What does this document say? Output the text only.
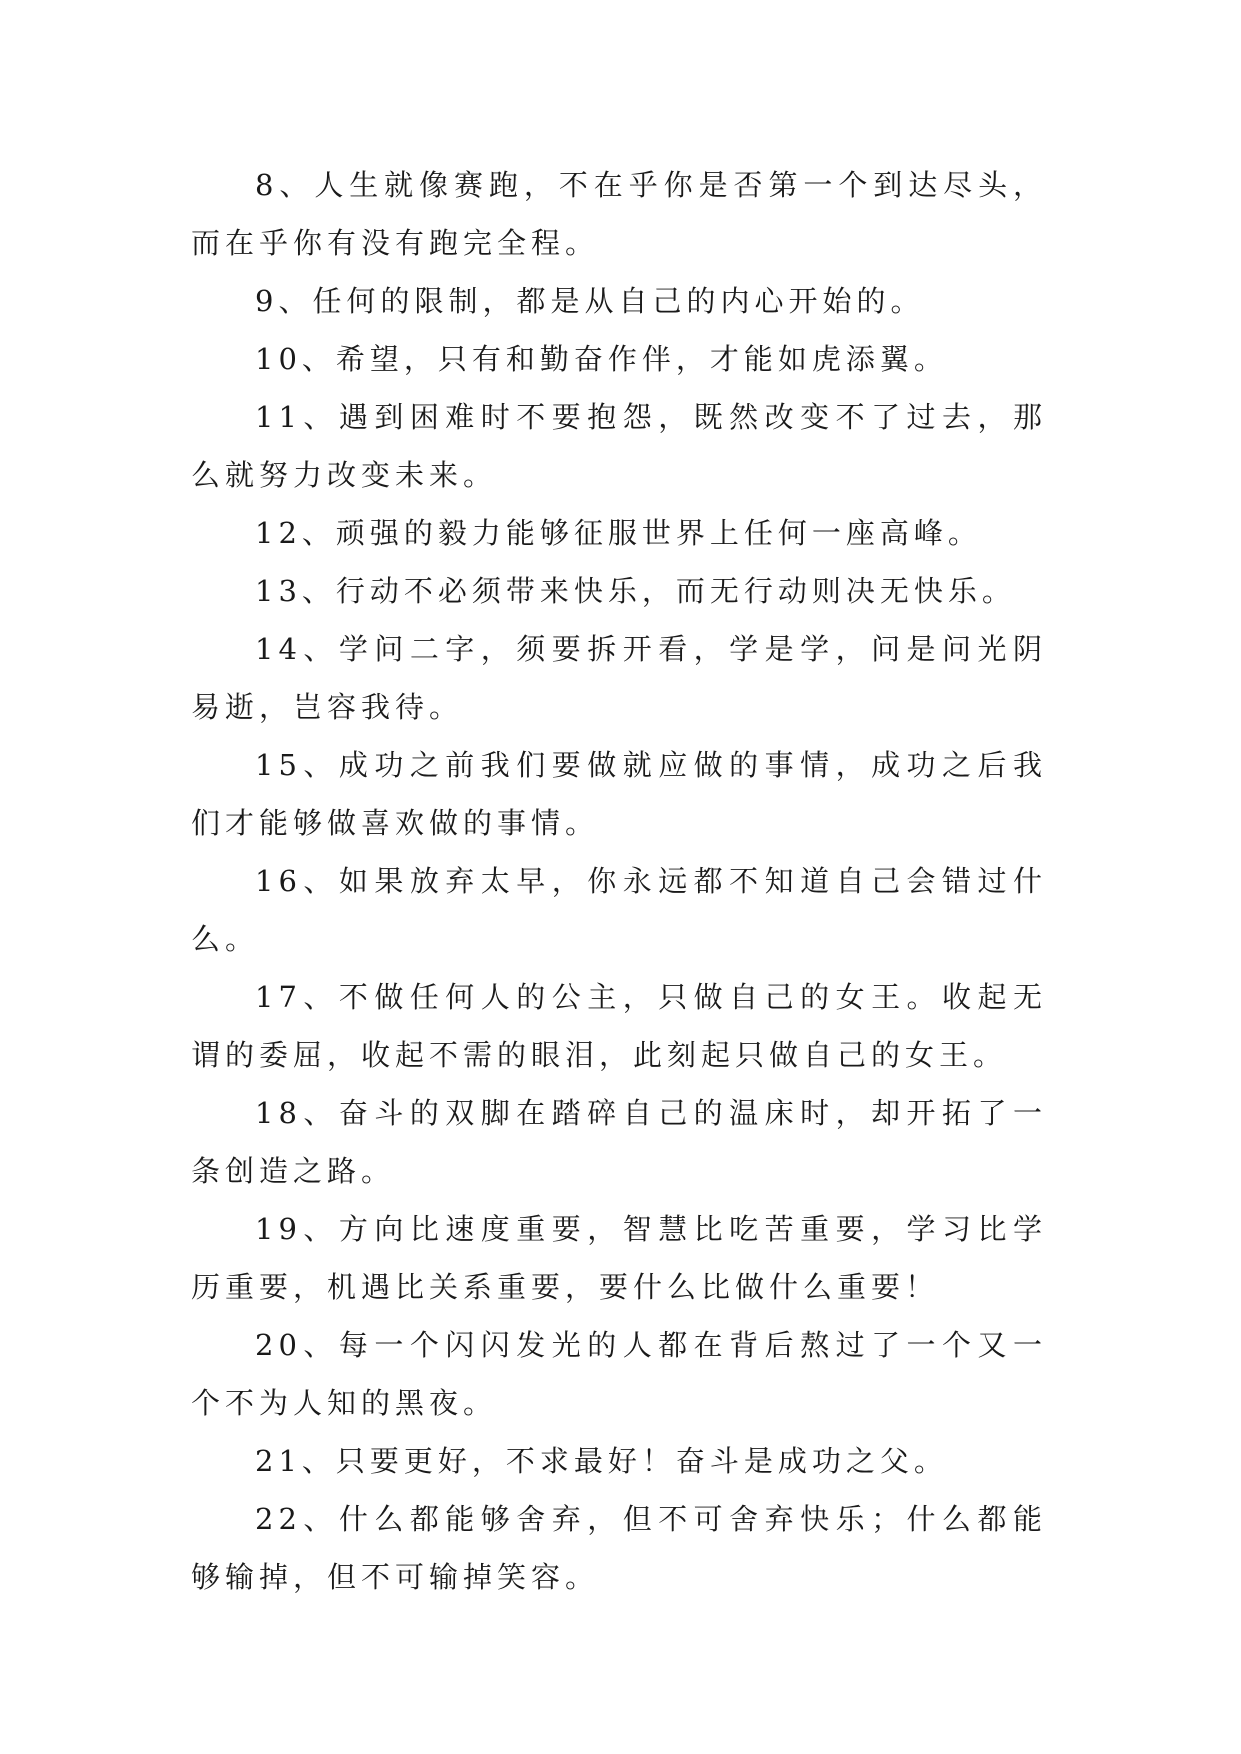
8、人生就像赛跑，不在乎你是否第一个到达尽头，而在乎你有没有跑完全程。

9、任何的限制，都是从自己的内心开始的。

10、希望，只有和勤奋作伴，才能如虎添翼。

11、遇到困难时不要抱怨，既然改变不了过去，那么就努力改变未来。

12、顽强的毅力能够征服世界上任何一座高峰。

13、行动不必须带来快乐，而无行动则决无快乐。

14、学问二字，须要拆开看，学是学，问是问光阴易逝，岂容我待。

15、成功之前我们要做就应做的事情，成功之后我们才能够做喜欢做的事情。

16、如果放弃太早，你永远都不知道自己会错过什么。

17、不做任何人的公主，只做自己的女王。收起无谓的委屈，收起不需的眼泪，此刻起只做自己的女王。

18、奋斗的双脚在踏碎自己的温床时，却开拓了一条创造之路。

19、方向比速度重要，智慧比吃苦重要，学习比学历重要，机遇比关系重要，要什么比做什么重要！

20、每一个闪闪发光的人都在背后熬过了一个又一个不为人知的黑夜。

21、只要更好，不求最好！奋斗是成功之父。

22、什么都能够舍弃，但不可舍弃快乐；什么都能够输掉，但不可输掉笑容。
